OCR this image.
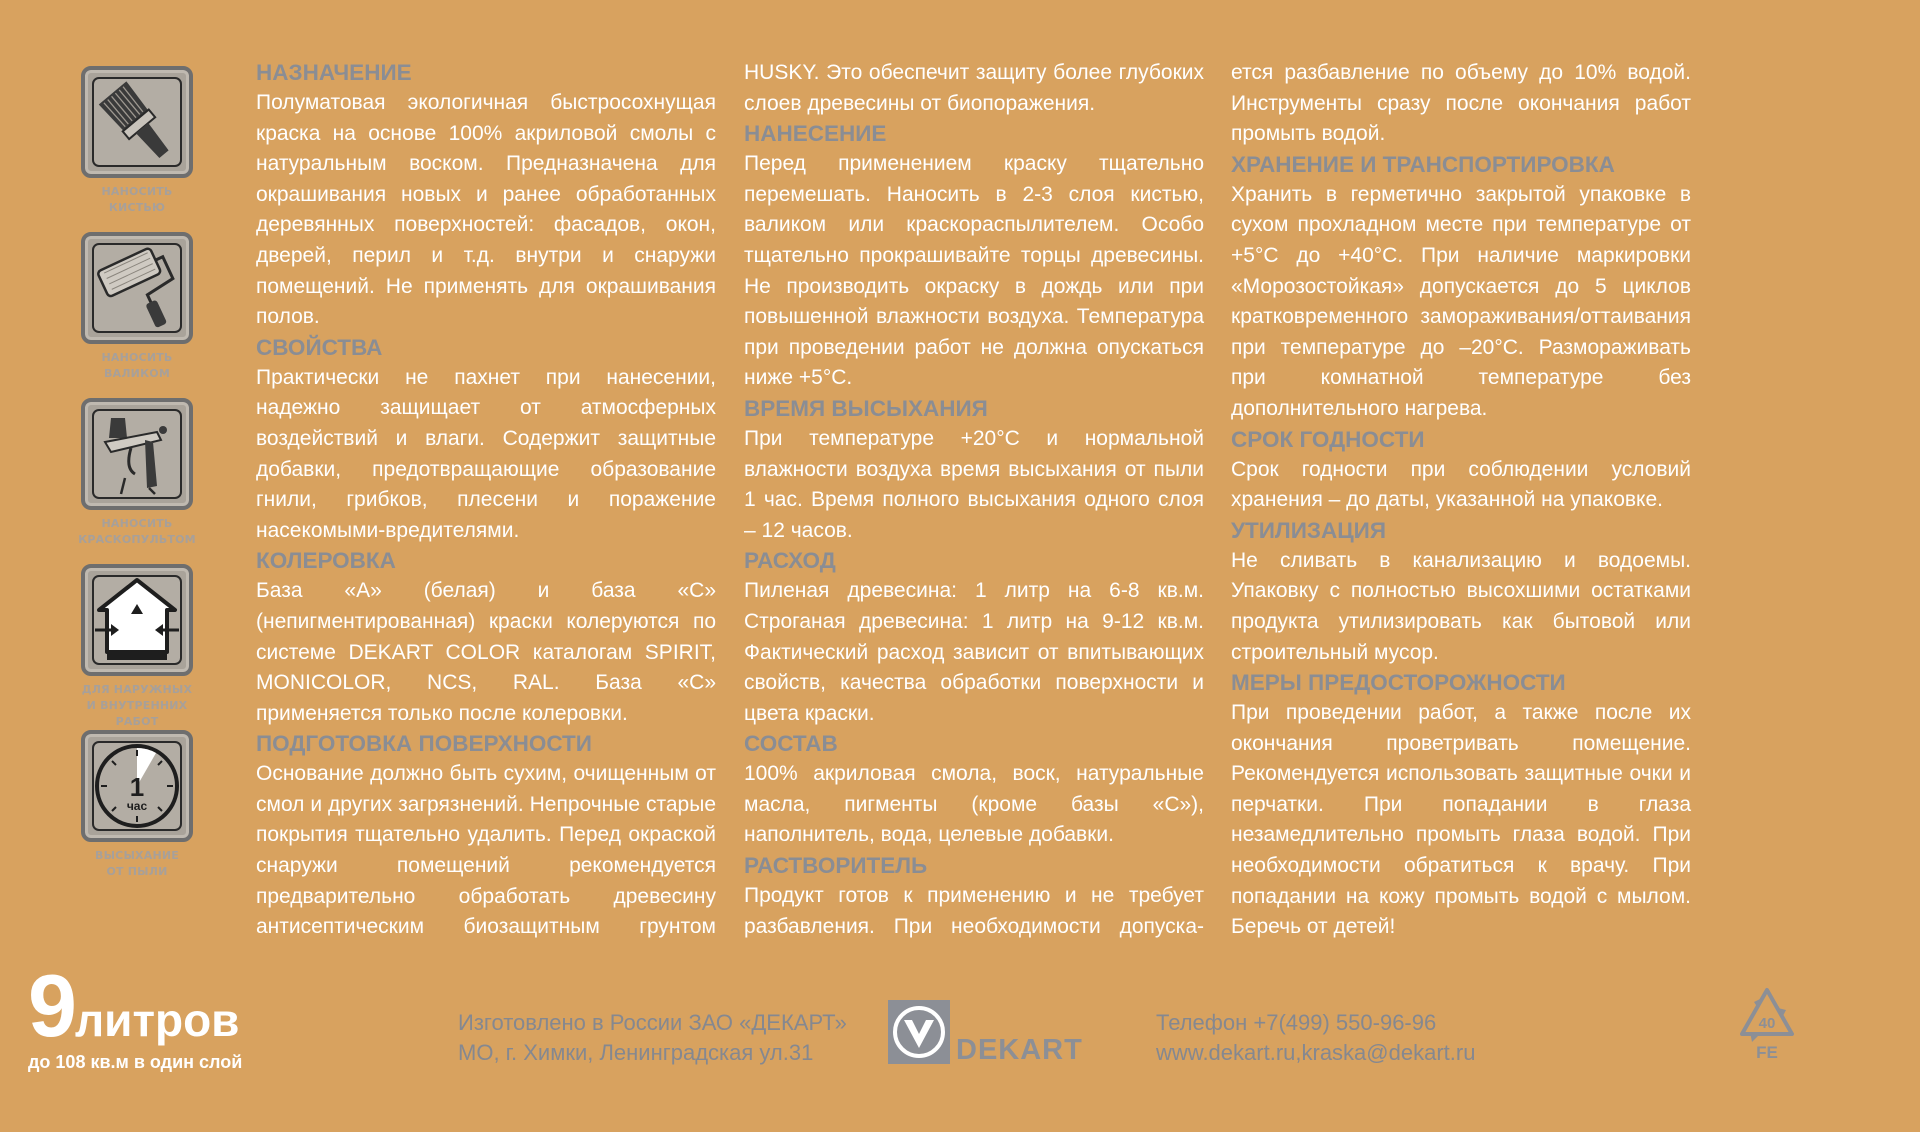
НАНОСИТЬ
КИСТЬЮ
НАНОСИТЬ
ВАЛИКОМ
НАНОСИТЬ
КРАСКОПУЛЬТОМ
ДЛЯ НАРУЖНЫХ
И ВНУТРЕННИХ РАБОТ
1
час
ВЫСЫХАНИЕ
ОТ ПЫЛИ
НАЗНАЧЕНИЕ
Полуматовая экологичная быстросохнущая краска на основе 100% акриловой смолы с натуральным воском. Предназначена для окрашивания новых и ранее обработанных деревянных поверхностей: фасадов, окон, дверей, перил и т.д. внутри и снаружи помещений. Не применять для окрашивания полов.
СВОЙСТВА
Практически не пахнет при нанесении, надежно защищает от атмосферных воздействий и влаги. Содержит защитные добавки, предотвращающие образование гнили, грибков, плесени и поражение насекомыми-вредителями.
КОЛЕРОВКА
База «А» (белая) и база «С» (непигментированная) краски колеруются по системе DEKART COLOR каталогам SPIRIT, MONICOLOR, NCS, RAL. База «С» применяется только после колеровки.
ПОДГОТОВКА ПОВЕРХНОСТИ
Основание должно быть сухим, очищенным от смол и других загрязнений. Непрочные старые покрытия тщательно удалить. Перед окраской снаружи помещений рекомендуется предварительно обработать древесину антисептическим биозащитным грунтом
HUSKY. Это обеспечит защиту более глубоких слоев древесины от биопоражения.
НАНЕСЕНИЕ
Перед применением краску тщательно перемешать. Наносить в 2-3 слоя кистью, валиком или краскораспылителем. Особо тщательно прокрашивайте торцы древесины. Не производить окраску в дождь или при повышенной влажности воздуха. Температура при проведении работ не должна опускаться ниже +5°С.
ВРЕМЯ ВЫСЫХАНИЯ
При температуре +20°С и нормальной влажности воздуха время высыхания от пыли 1 час. Время полного высыхания одного слоя – 12 часов.
РАСХОД
Пиленая древесина: 1 литр на 6-8 кв.м. Строганая древесина: 1 литр на 9-12 кв.м. Фактический расход зависит от впитывающих свойств, качества обработки поверхности и цвета краски.
СОСТАВ
100% акриловая смола, воск, натуральные масла, пигменты (кроме базы «С»), наполнитель, вода, целевые добавки.
РАСТВОРИТЕЛЬ
Продукт готов к применению и не требует разбавления. При необходимости допуска-
ется разбавление по объему до 10% водой. Инструменты сразу после окончания работ промыть водой.
ХРАНЕНИЕ И ТРАНСПОРТИРОВКА
Хранить в герметично закрытой упаковке в сухом прохладном месте при температуре от +5°С до +40°С. При наличие маркировки «Морозостойкая» допускается до 5 циклов кратковременного замораживания/оттаивания при температуре до –20°С. Размораживать при комнатной температуре без дополнительного нагрева.
СРОК ГОДНОСТИ
Срок годности при соблюдении условий хранения – до даты, указанной на упаковке.
УТИЛИЗАЦИЯ
Не сливать в канализацию и водоемы. Упаковку с полностью высохшими остатками продукта утилизировать как бытовой или строительный мусор.
МЕРЫ ПРЕДОСТОРОЖНОСТИ
При проведении работ, а также после их окончания проветривать помещение. Рекомендуется использовать защитные очки и перчатки. При попадании в глаза незамедлительно промыть глаза водой. При необходимости обратиться к врачу. При попадании на кожу промыть водой с мылом. Беречь от детей!
9литров
до 108 кв.м в один слой
Изготовлено в России ЗАО «ДЕКАРТ»
МО, г. Химки, Ленинградская ул.31	DEKART
Телефон +7(499) 550-96-96
www.dekart.ru,kraska@dekart.ru
40
FE
